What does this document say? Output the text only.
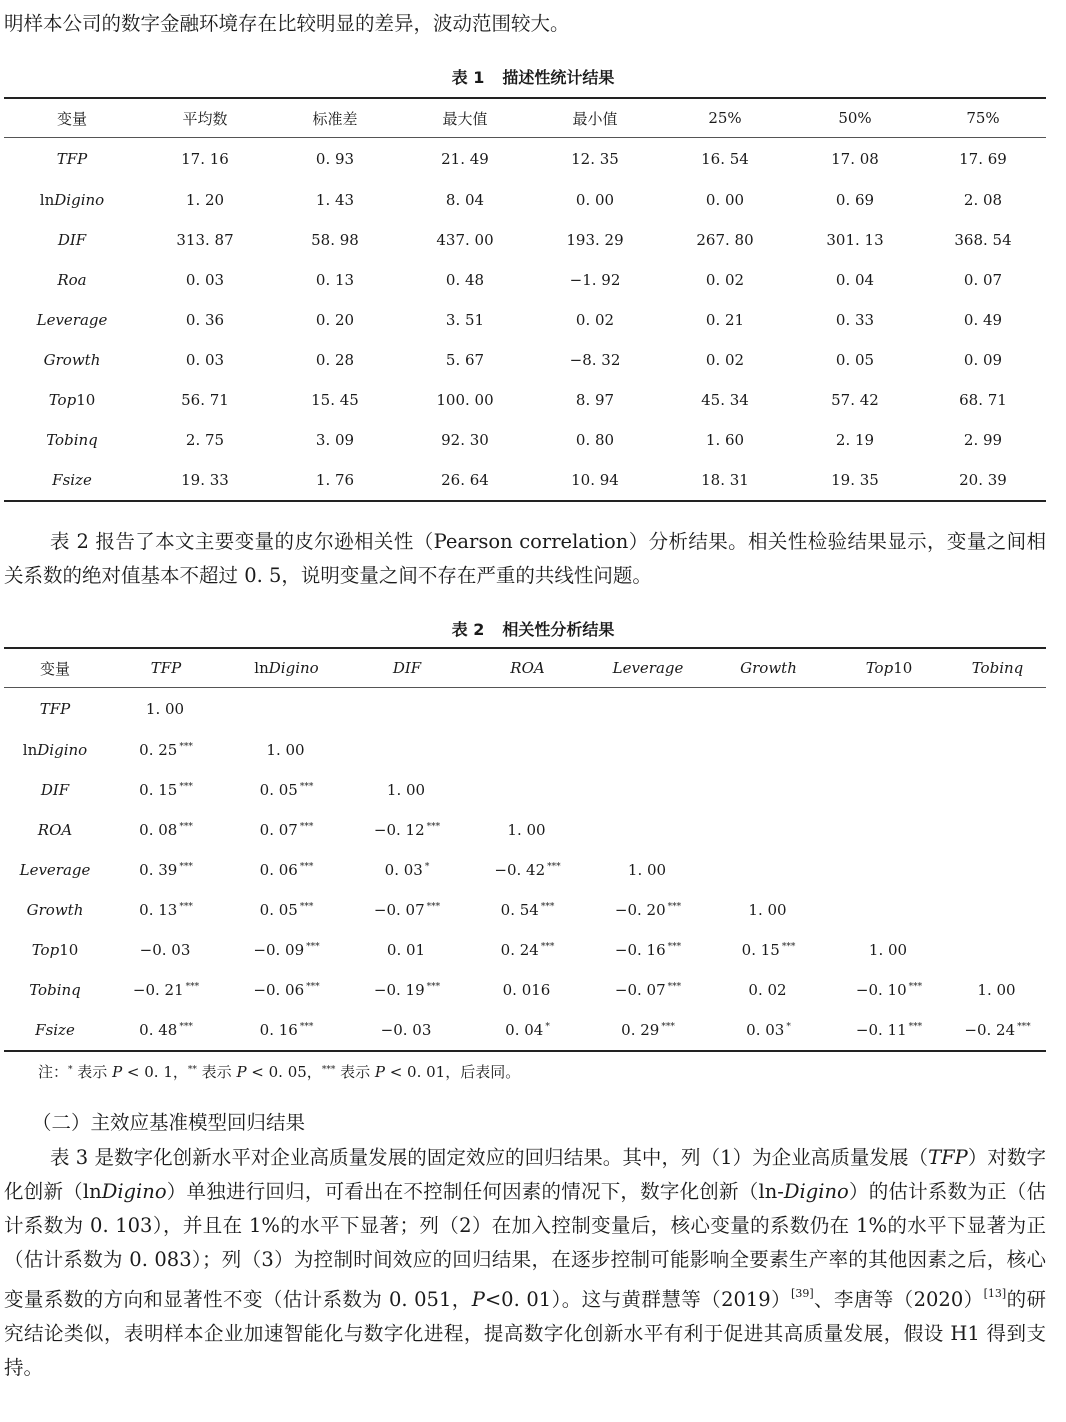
明样本公司的数字金融环境存在比较明显的差异，波动范围较大。
表 1 描述性统计结果
变量	平均数	标准差	最大值	最小值	25%	50%	75%
TFP	17. 16	0. 93	21. 49	12. 35	16. 54	17. 08	17. 69
lnDigino	1. 20	1. 43	8. 04	0. 00	0. 00	0. 69	2. 08
DIF	313. 87	58. 98	437. 00	193. 29	267. 80	301. 13	368. 54
Roa	0. 03	0. 13	0. 48	−1. 92	0. 02	0. 04	0. 07
Leverage	0. 36	0. 20	3. 51	0. 02	0. 21	0. 33	0. 49
Growth	0. 03	0. 28	5. 67	−8. 32	0. 02	0. 05	0. 09
Top10	56. 71	15. 45	100. 00	8. 97	45. 34	57. 42	68. 71
Tobinq	2. 75	3. 09	92. 30	0. 80	1. 60	2. 19	2. 99
Fsize	19. 33	1. 76	26. 64	10. 94	18. 31	19. 35	20. 39
表 2 报告了本文主要变量的皮尔逊相关性（Pearson correlation）分析结果。相关性检验结果显示，变量之间相关系数的绝对值基本不超过 0. 5，说明变量之间不存在严重的共线性问题。
表 2 相关性分析结果
变量	TFP	lnDigino	DIF	ROA	Leverage	Growth	Top10	Tobinq
TFP	1. 00							
lnDigino	0. 25 ***	1. 00						
DIF	0. 15 ***	0. 05 ***	1. 00					
ROA	0. 08 ***	0. 07 ***	−0. 12 ***	1. 00				
Leverage	0. 39 ***	0. 06 ***	0. 03 *	−0. 42 ***	1. 00			
Growth	0. 13 ***	0. 05 ***	−0. 07 ***	0. 54 ***	−0. 20 ***	1. 00		
Top10	−0. 03	−0. 09 ***	0. 01	0. 24 ***	−0. 16 ***	0. 15 ***	1. 00	
Tobinq	−0. 21 ***	−0. 06 ***	−0. 19 ***	0. 016	−0. 07 ***	0. 02	−0. 10 ***	1. 00
Fsize	0. 48 ***	0. 16 ***	−0. 03	0. 04 *	0. 29 ***	0. 03 *	−0. 11 ***	−0. 24 ***
注：* 表示 P < 0. 1，** 表示 P < 0. 05，*** 表示 P < 0. 01，后表同。
（二）主效应基准模型回归结果
表 3 是数字化创新水平对企业高质量发展的固定效应的回归结果。其中，列（1）为企业高质量发展（TFP）对数字化创新（lnDigino）单独进行回归，可看出在不控制任何因素的情况下，数字化创新（ln-Digino）的估计系数为正（估计系数为 0. 103），并且在 1%的水平下显著；列（2）在加入控制变量后，核心变量的系数仍在 1%的水平下显著为正（估计系数为 0. 083）；列（3）为控制时间效应的回归结果，在逐步控制可能影响全要素生产率的其他因素之后，核心变量系数的方向和显著性不变（估计系数为 0. 051，P<0. 01）。这与黄群慧等（2019）[39]、李唐等（2020）[13]的研究结论类似，表明样本企业加速智能化与数字化进程，提高数字化创新水平有利于促进其高质量发展，假设 H1 得到支持。
